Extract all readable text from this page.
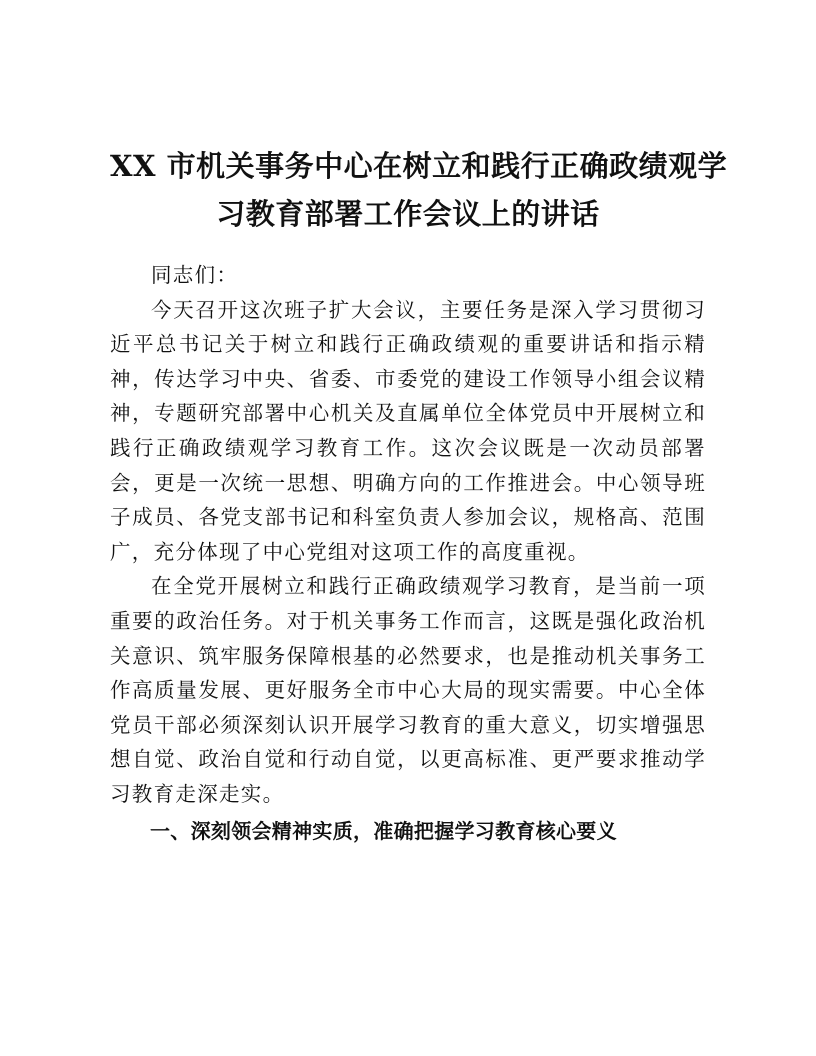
XX 市机关事务中心在树立和践行正确政绩观学
习教育部署工作会议上的讲话

同志们：

今天召开这次班子扩大会议，主要任务是深入学习贯彻习近平总书记关于树立和践行正确政绩观的重要讲话和指示精神，传达学习中央、省委、市委党的建设工作领导小组会议精神，专题研究部署中心机关及直属单位全体党员中开展树立和践行正确政绩观学习教育工作。这次会议既是一次动员部署会，更是一次统一思想、明确方向的工作推进会。中心领导班子成员、各党支部书记和科室负责人参加会议，规格高、范围广，充分体现了中心党组对这项工作的高度重视。

在全党开展树立和践行正确政绩观学习教育，是当前一项重要的政治任务。对于机关事务工作而言，这既是强化政治机关意识、筑牢服务保障根基的必然要求，也是推动机关事务工作高质量发展、更好服务全市中心大局的现实需要。中心全体党员干部必须深刻认识开展学习教育的重大意义，切实增强思想自觉、政治自觉和行动自觉，以更高标准、更严要求推动学习教育走深走实。

一、深刻领会精神实质，准确把握学习教育核心要义
